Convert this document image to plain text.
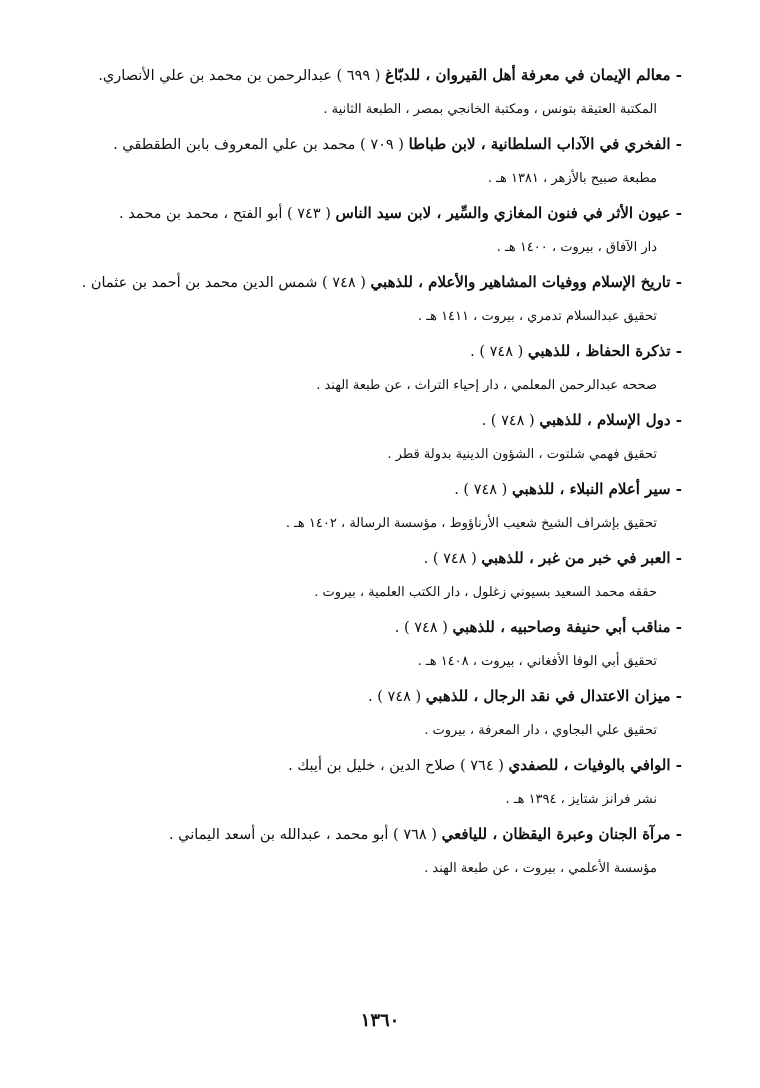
- معالم الإيمان في معرفة أهل القيروان ، للدبّاغ ( ٦٩٩ ) عبدالرحمن بن محمد بن علي الأنصاري.
المكتبة العتيقة بتونس ، ومكتبة الخانجي بمصر ، الطبعة الثانية .
- الفخري في الآداب السلطانية ، لابن طباطا ( ٧٠٩ ) محمد بن علي المعروف بابن الطقطقي .
مطبعة صبيح بالأزهر ، ١٣٨١ هـ .
- عيون الأثر في فنون المغازي والسِّير ، لابن سيد الناس ( ٧٤٣ ) أبو الفتح ، محمد بن محمد .
دار الآفاق ، بيروت ، ١٤٠٠ هـ .
- تاريخ الإسلام ووفيات المشاهير والأعلام ، للذهبي ( ٧٤٨ ) شمس الدين محمد بن أحمد بن عثمان .
تحقيق عبدالسلام تدمري ، بيروت ، ١٤١١ هـ .
- تذكرة الحفاظ ، للذهبي ( ٧٤٨ ) .
صححه عبدالرحمن المعلمي ، دار إحياء التراث ، عن طبعة الهند .
- دول الإسلام ، للذهبي ( ٧٤٨ ) .
تحقيق فهمي شلتوت ، الشؤون الدينية بدولة قطر .
- سير أعلام النبلاء ، للذهبي ( ٧٤٨ ) .
تحقيق بإشراف الشيخ شعيب الأرناؤوط ، مؤسسة الرسالة ، ١٤٠٢ هـ .
- العبر في خبر من غبر ، للذهبي ( ٧٤٨ ) .
حققه محمد السعيد بسيوني زغلول ، دار الكتب العلمية ، بيروت .
- مناقب أبي حنيفة وصاحبيه ، للذهبي ( ٧٤٨ ) .
تحقيق أبي الوفا الأفغاني ، بيروت ، ١٤٠٨ هـ .
- ميزان الاعتدال في نقد الرجال ، للذهبي ( ٧٤٨ ) .
تحقيق علي البجاوي ، دار المعرفة ، بيروت .
- الوافي بالوفيات ، للصفدي ( ٧٦٤ ) صلاح الدين ، خليل بن أيبك .
نشر فرانز شتايز ، ١٣٩٤ هـ .
- مرآة الجنان وعبرة اليقظان ، لليافعي ( ٧٦٨ ) أبو محمد ، عبدالله بن أسعد اليماني .
مؤسسة الأعلمي ، بيروت ، عن طبعة الهند .
١٣٦٠
